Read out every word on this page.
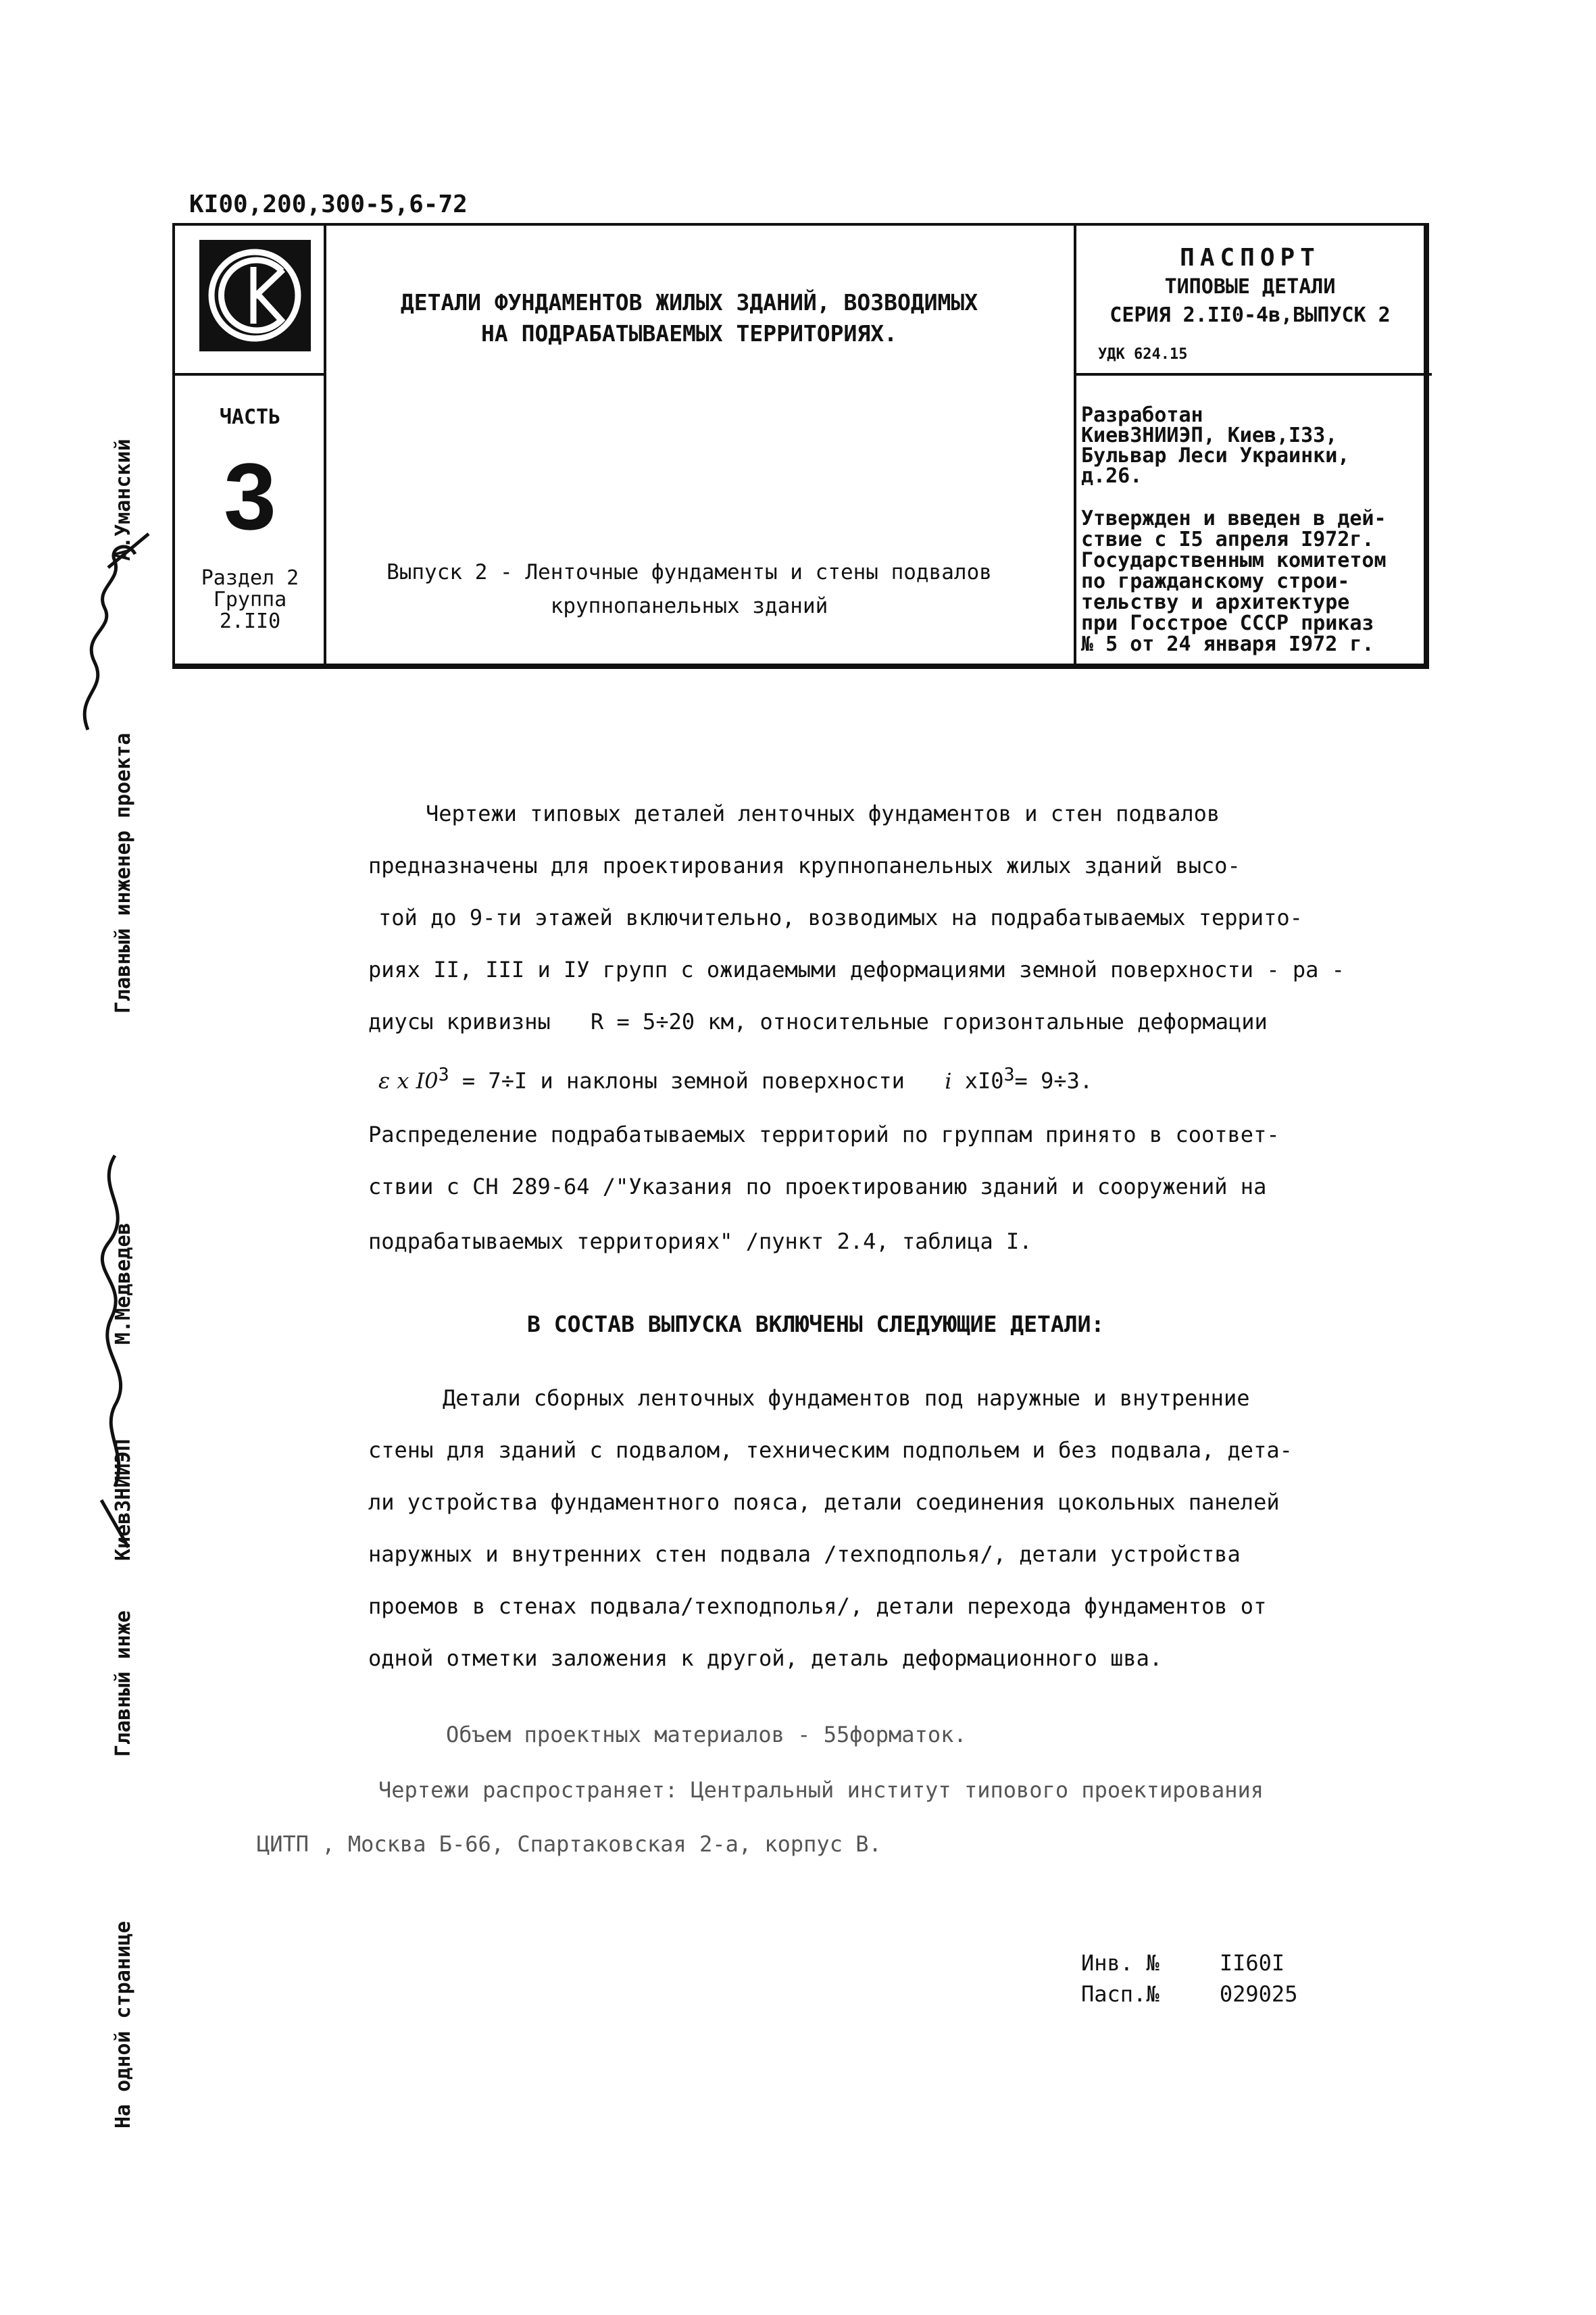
КI00,200,300-5,6-72
ДЕТАЛИ ФУНДАМЕНТОВ ЖИЛЫХ ЗДАНИЙ, ВОЗВОДИМЫХ
НА ПОДРАБАТЫВАЕМЫХ ТЕРРИТОРИЯХ.
ЧАСТЬ
3
Раздел 2
Группа
2.II0
Выпуск 2 - Ленточные фундаменты и стены подвалов
крупнопанельных зданий
ПАСПОРТ
ТИПОВЫЕ ДЕТАЛИ
СЕРИЯ 2.II0-4в,ВЫПУСК 2
УДК 624.15
Разработан
КиевЗНИИЭП, Киев,I33,
Бульвар Леси Украинки,
д.26.
Утвержден и введен в дей-
ствие с I5 апреля I972г.
Государственным комитетом
по гражданскому строи-
тельству и архитектуре
при Госстрое СССР приказ
№ 5 от 24 января I972 г.
Чертежи типовых деталей ленточных фундаментов и стен подвалов
предназначены для проектирования крупнопанельных жилых зданий высо-
той до 9-ти этажей включительно, возводимых на подрабатываемых террито-
риях II, III и IУ групп с ожидаемыми деформациями земной поверхности - ра -
диусы кривизны R = 5÷20 км, относительные горизонтальные деформации
ε x $I0^3 = 7\div I$ и наклоны земной поверхности i $xI0^3= 9\div 3$.
Распределение подрабатываемых территорий по группам принято в соответ-
ствии с СН 289-64 /"Указания по проектированию зданий и сооружений на
подрабатываемых территориях" /пункт 2.4, таблица I.
В СОСТАВ ВЫПУСКА ВКЛЮЧЕНЫ СЛЕДУЮЩИЕ ДЕТАЛИ:
Детали сборных ленточных фундаментов под наружные и внутренние
стены для зданий с подвалом, техническим подпольем и без подвала, дета-
ли устройства фундаментного пояса, детали соединения цокольных панелей
наружных и внутренних стен подвала /техподполья/, детали устройства
проемов в стенах подвала/техподполья/, детали перехода фундаментов от
одной отметки заложения к другой, деталь деформационного шва.
Объем проектных материалов - 55форматок.
Чертежи распространяет: Центральный институт типового проектирования
ЦИТП , Москва Б-66, Спартаковская 2-а, корпус В.
Инв. №	II60I
Пасп.№	029025
Главный инженер проекта
А.Уманский
КиевЗНИИЭП
М.Медведев
Главный инже
На одной странице
